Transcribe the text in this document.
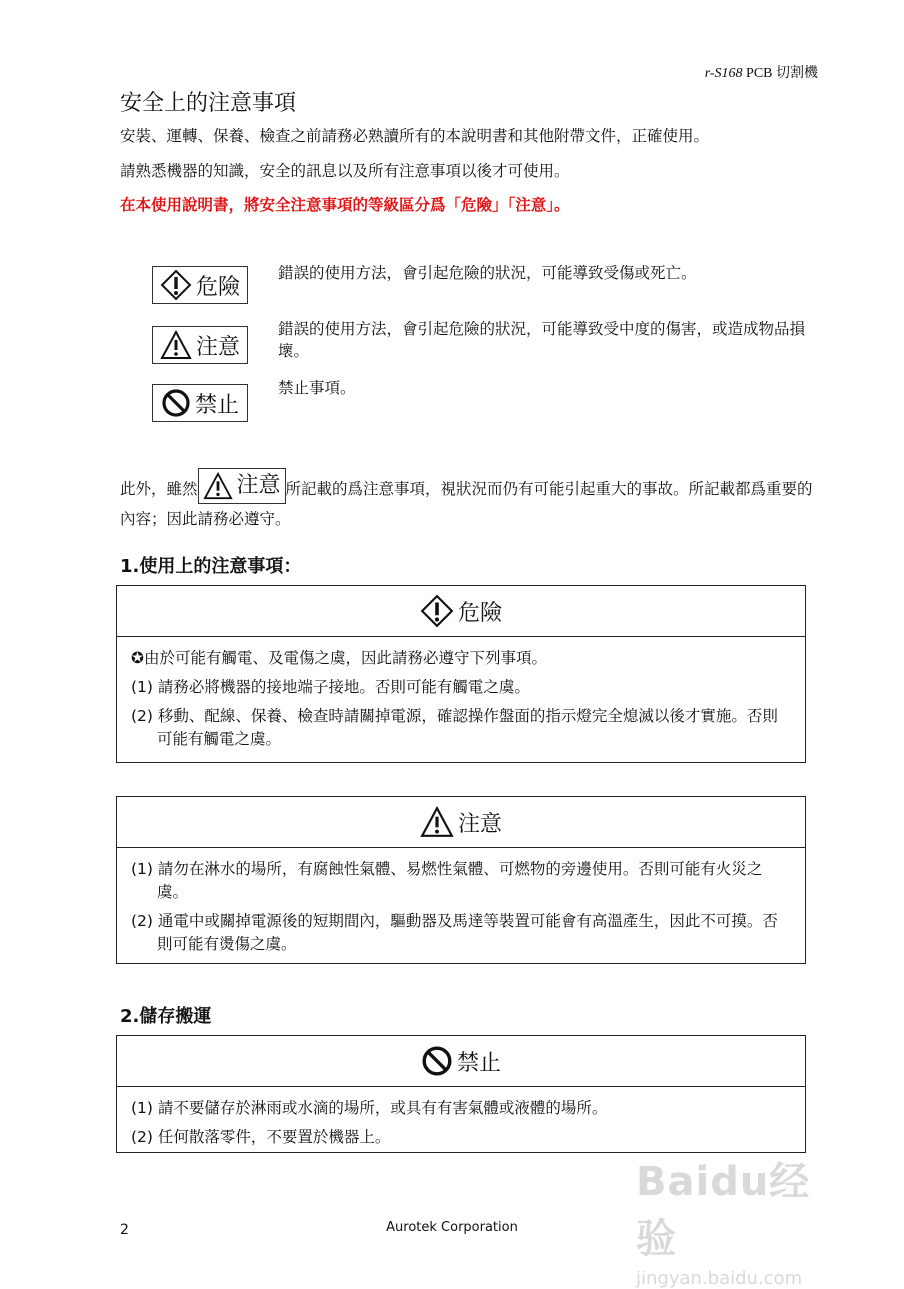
r-S168 PCB 切割機
安全上的注意事項
安裝、運轉、保養、檢查之前請務必熟讀所有的本說明書和其他附帶文件，正確使用。
請熟悉機器的知識，安全的訊息以及所有注意事項以後才可使用。
在本使用說明書，將安全注意事項的等級區分爲「危險」「注意」。
危險
錯誤的使用方法，會引起危險的狀況，可能導致受傷或死亡。
注意
錯誤的使用方法，會引起危險的狀況，可能導致受中度的傷害，或造成物品損壞。
禁止
禁止事項。
此外，雖然 注意 所記載的爲注意事項，視狀況而仍有可能引起重大的事故。所記載都爲重要的內容；因此請務必遵守。
1.使用上的注意事項：
危險
✪由於可能有觸電、及電傷之虞，因此請務必遵守下列事項。
(1) 請務必將機器的接地端子接地。否則可能有觸電之虞。
(2) 移動、配線、保養、檢查時請關掉電源，確認操作盤面的指示燈完全熄滅以後才實施。否則可能有觸電之虞。
注意
(1) 請勿在淋水的場所，有腐蝕性氣體、易燃性氣體、可燃物的旁邊使用。否則可能有火災之虞。
(2) 通電中或關掉電源後的短期間內，驅動器及馬達等裝置可能會有高溫產生，因此不可摸。否則可能有燙傷之虞。
2.儲存搬運
禁止
(1) 請不要儲存於淋雨或水滴的場所，或具有有害氣體或液體的場所。
(2) 任何散落零件，不要置於機器上。
2	Aurotek Corporation
Baidu经验
jingyan.baidu.com
